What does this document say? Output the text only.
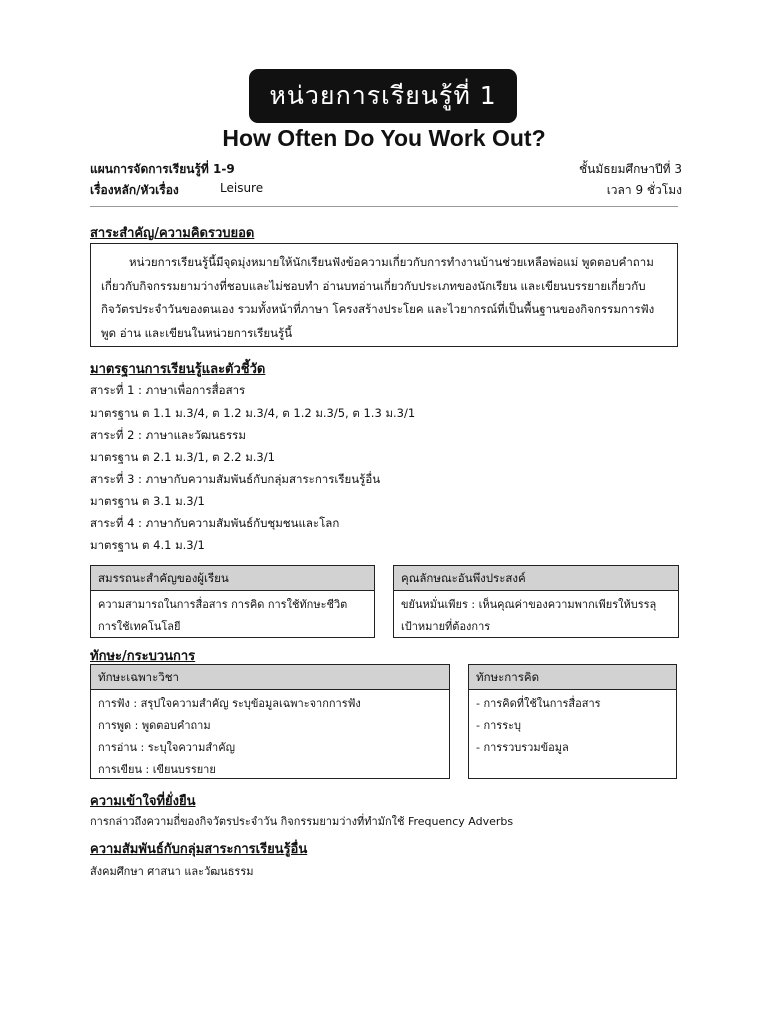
หน่วยการเรียนรู้ที่ 1
How Often Do You Work Out?
แผนการจัดการเรียนรู้ที่ 1-9	ชั้นมัธยมศึกษาปีที่ 3
เรื่องหลัก/หัวเรื่อง	Leisure	เวลา 9 ชั่วโมง
สาระสำคัญ/ความคิดรวบยอด

หน่วยการเรียนรู้นี้มีจุดมุ่งหมายให้นักเรียนฟังข้อความเกี่ยวกับการทำงานบ้านช่วยเหลือพ่อแม่ พูดตอบคำถามเกี่ยวกับกิจกรรมยามว่างที่ชอบและไม่ชอบทำ อ่านบทอ่านเกี่ยวกับประเภทของนักเรียน และเขียนบรรยายเกี่ยวกับกิจวัตรประจำวันของตนเอง รวมทั้งหน้าที่ภาษา โครงสร้างประโยค และไวยากรณ์ที่เป็นพื้นฐานของกิจกรรมการฟัง พูด อ่าน และเขียนในหน่วยการเรียนรู้นี้

มาตรฐานการเรียนรู้และตัวชี้วัด
สาระที่ 1 : ภาษาเพื่อการสื่อสาร
มาตรฐาน ต 1.1 ม.3/4, ต 1.2 ม.3/4, ต 1.2 ม.3/5, ต 1.3 ม.3/1
สาระที่ 2 : ภาษาและวัฒนธรรม
มาตรฐาน ต 2.1 ม.3/1, ต 2.2 ม.3/1
สาระที่ 3 : ภาษากับความสัมพันธ์กับกลุ่มสาระการเรียนรู้อื่น
มาตรฐาน ต 3.1 ม.3/1
สาระที่ 4 : ภาษากับความสัมพันธ์กับชุมชนและโลก
มาตรฐาน ต 4.1 ม.3/1
สมรรถนะสำคัญของผู้เรียน
ความสามารถในการสื่อสาร การคิด การใช้ทักษะชีวิต
การใช้เทคโนโลยี
คุณลักษณะอันพึงประสงค์
ขยันหมั่นเพียร : เห็นคุณค่าของความพากเพียรให้บรรลุ
เป้าหมายที่ต้องการ
ทักษะ/กระบวนการ
ทักษะเฉพาะวิชา
การฟัง : สรุปใจความสำคัญ ระบุข้อมูลเฉพาะจากการฟัง
การพูด : พูดตอบคำถาม
การอ่าน : ระบุใจความสำคัญ
การเขียน : เขียนบรรยาย
ทักษะการคิด
- การคิดที่ใช้ในการสื่อสาร
- การระบุ
- การรวบรวมข้อมูล
ความเข้าใจที่ยั่งยืน
การกล่าวถึงความถี่ของกิจวัตรประจำวัน กิจกรรมยามว่างที่ทำมักใช้ Frequency Adverbs
ความสัมพันธ์กับกลุ่มสาระการเรียนรู้อื่น
สังคมศึกษา ศาสนา และวัฒนธรรม
